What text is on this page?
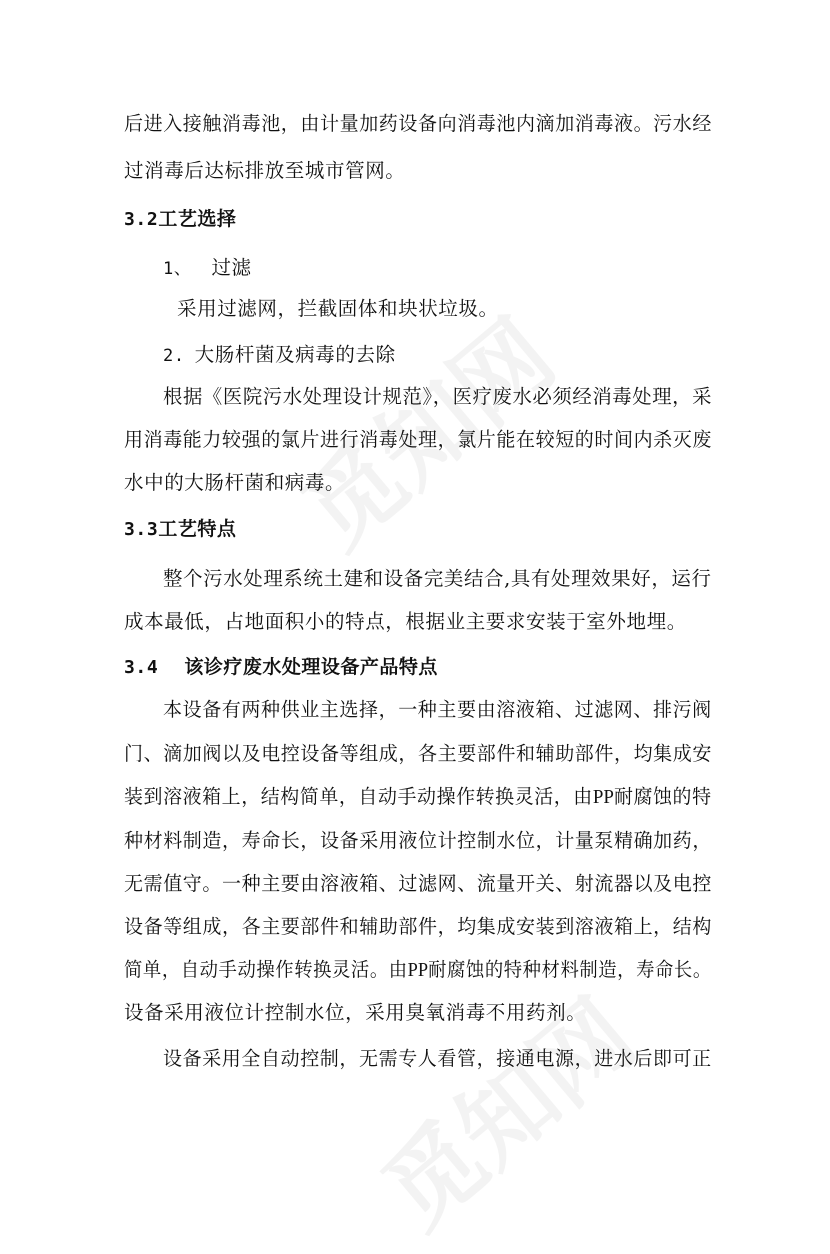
后进入接触消毒池，由计量加药设备向消毒池内滴加消毒液。污水经
过消毒后达标排放至城市管网。
3.2工艺选择
1、 过滤
采用过滤网，拦截固体和块状垃圾。
2. 大肠杆菌及病毒的去除
根据《医院污水处理设计规范》，医疗废水必须经消毒处理，采
用消毒能力较强的氯片进行消毒处理，氯片能在较短的时间内杀灭废
水中的大肠杆菌和病毒。
3.3工艺特点
整个污水处理系统土建和设备完美结合,具有处理效果好，运行
成本最低，占地面积小的特点，根据业主要求安装于室外地埋。
3.4 该诊疗废水处理设备产品特点
本设备有两种供业主选择，一种主要由溶液箱、过滤网、排污阀
门、滴加阀以及电控设备等组成，各主要部件和辅助部件，均集成安
装到溶液箱上，结构简单，自动手动操作转换灵活，由PP耐腐蚀的特
种材料制造，寿命长，设备采用液位计控制水位，计量泵精确加药，
无需值守。一种主要由溶液箱、过滤网、流量开关、射流器以及电控
设备等组成，各主要部件和辅助部件，均集成安装到溶液箱上，结构
简单，自动手动操作转换灵活。由PP耐腐蚀的特种材料制造，寿命长。
设备采用液位计控制水位，采用臭氧消毒不用药剂。
设备采用全自动控制，无需专人看管，接通电源，进水后即可正
